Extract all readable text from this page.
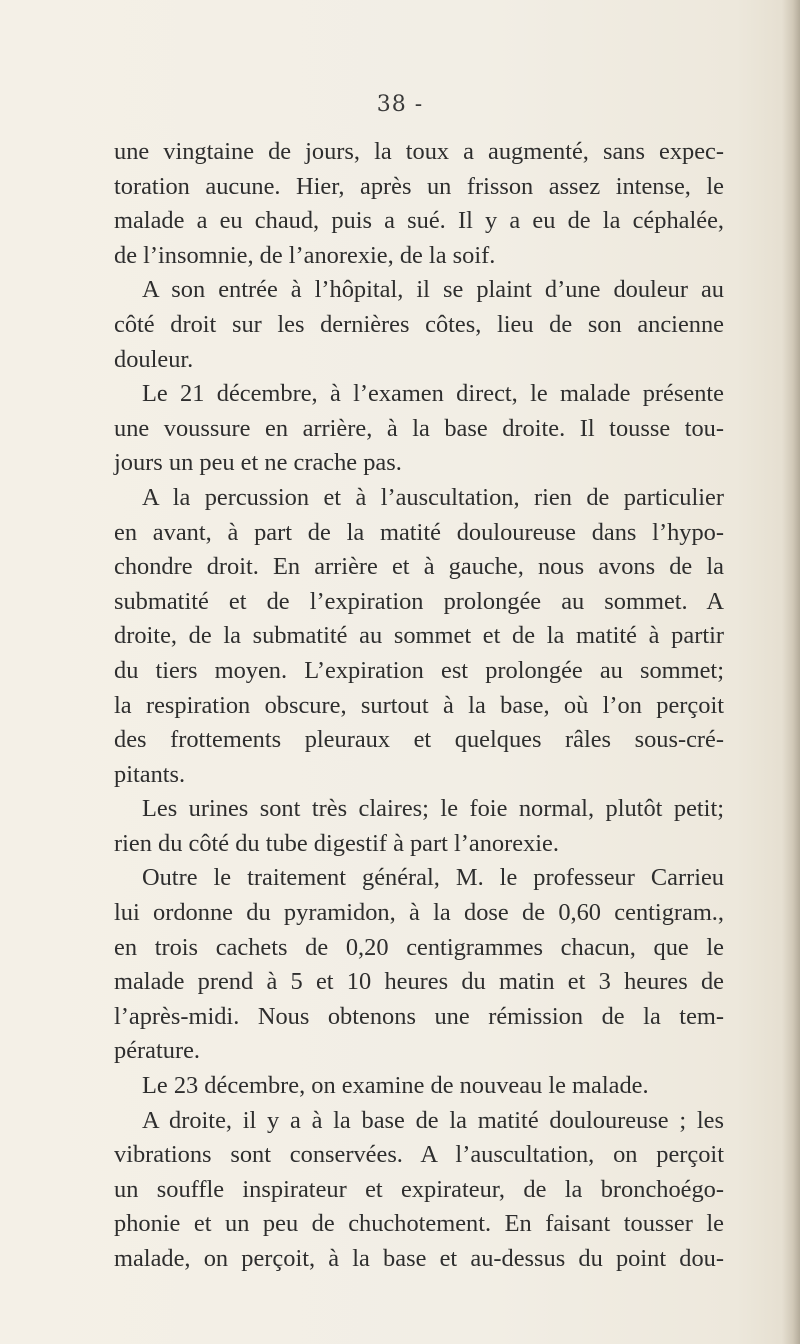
38 -
une vingtaine de jours, la toux a augmenté, sans expec-
toration aucune. Hier, après un frisson assez intense, le
malade a eu chaud, puis a sué. Il y a eu de la céphalée,
de l’insomnie, de l’anorexie, de la soif.
A son entrée à l’hôpital, il se plaint d’une douleur au
côté droit sur les dernières côtes, lieu de son ancienne
douleur.
Le 21 décembre, à l’examen direct, le malade présente
une voussure en arrière, à la base droite. Il tousse tou-
jours un peu et ne crache pas.
A la percussion et à l’auscultation, rien de particulier
en avant, à part de la matité douloureuse dans l’hypo-
chondre droit. En arrière et à gauche, nous avons de la
submatité et de l’expiration prolongée au sommet. A
droite, de la submatité au sommet et de la matité à partir
du tiers moyen. L’expiration est prolongée au sommet;
la respiration obscure, surtout à la base, où l’on perçoit
des frottements pleuraux et quelques râles sous-cré-
pitants.
Les urines sont très claires; le foie normal, plutôt petit;
rien du côté du tube digestif à part l’anorexie.
Outre le traitement général, M. le professeur Carrieu
lui ordonne du pyramidon, à la dose de 0,60 centigram.,
en trois cachets de 0,20 centigrammes chacun, que le
malade prend à 5 et 10 heures du matin et 3 heures de
l’après-midi. Nous obtenons une rémission de la tem-
pérature.
Le 23 décembre, on examine de nouveau le malade.
A droite, il y a à la base de la matité douloureuse ; les
vibrations sont conservées. A l’auscultation, on perçoit
un souffle inspirateur et expirateur, de la bronchoégo-
phonie et un peu de chuchotement. En faisant tousser le
malade, on perçoit, à la base et au-dessus du point dou-
